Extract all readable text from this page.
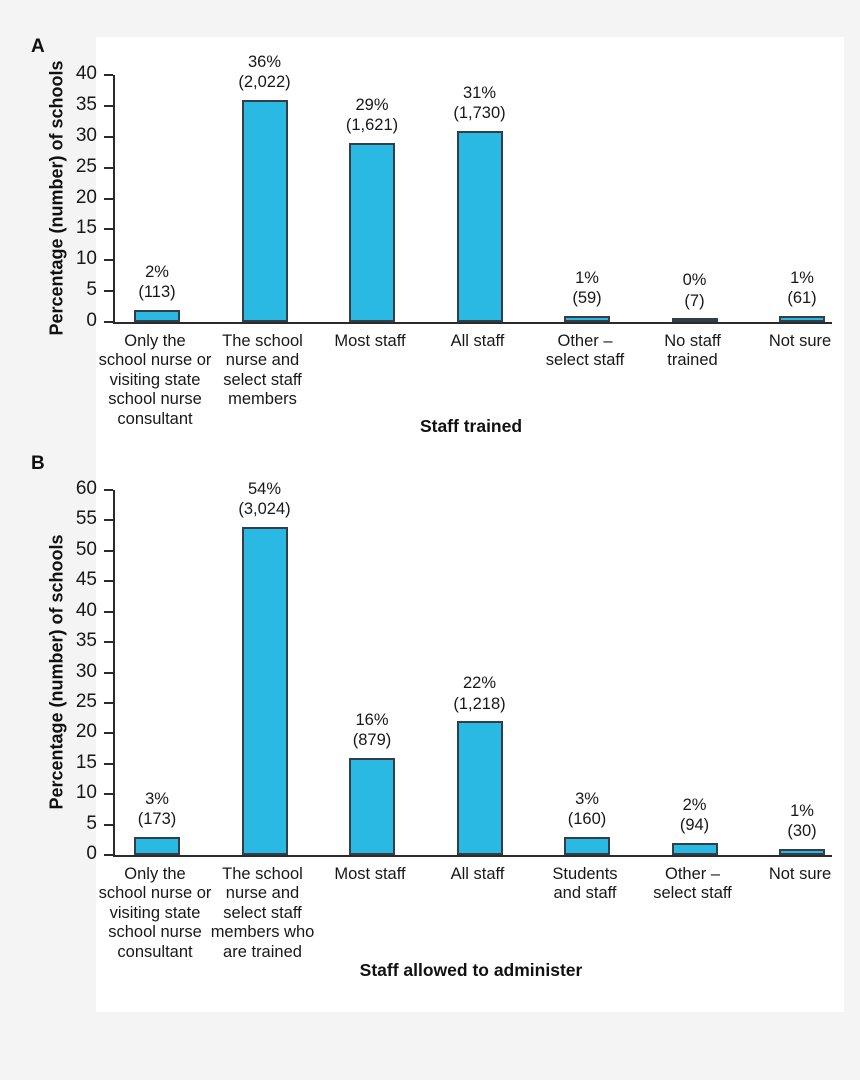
A
Percentage (number) of schools	0
5
10
15
20
25
30
35
40
2%
(113)
36%
(2,022)
29%
(1,621)
31%
(1,730)
1%
(59)
0%
(7)
1%
(61)
Only the
school nurse or
visiting state
school nurse
consultant
The school
nurse and
select staff
members
Most staff	All staff	Other –
select staff
No staff
trained
Not sure
Staff trained
B
Percentage (number) of schools
0
5
10
15
20
25
30
35
40
45
50
55
60
3%
(173)
54%
(3,024)
16%
(879)
22%
(1,218)
3%
(160)
2%
(94)
1%
(30)
Only the
school nurse or
visiting state
school nurse
consultant
The school
nurse and
select staff
members who
are trained
Most staff	All staff	Students
and staff
Other –
select staff
Not sure
Staff allowed to administer
